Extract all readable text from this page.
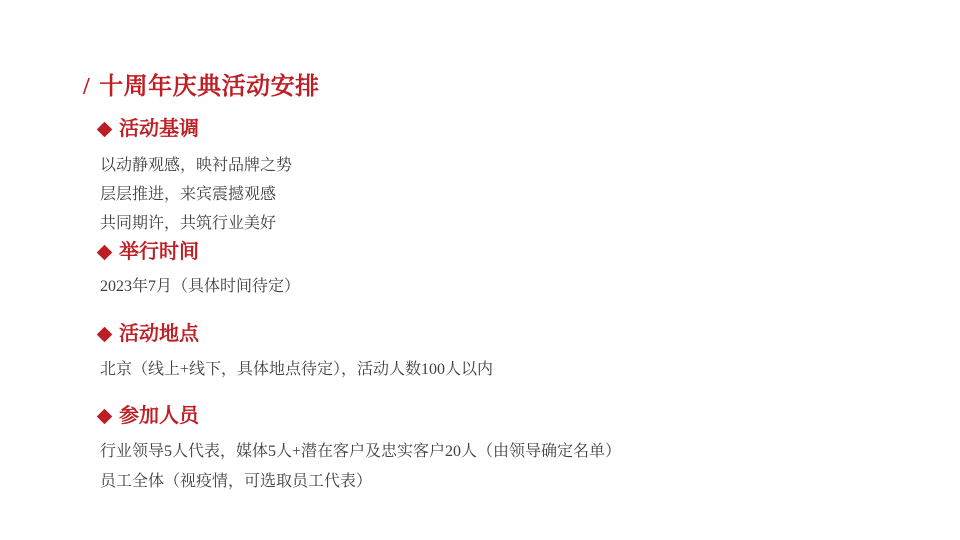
/ 十周年庆典活动安排
活动基调
以动静观感，映衬品牌之势
层层推进，来宾震撼观感
共同期许，共筑行业美好
举行时间
2023年7月（具体时间待定）
活动地点
北京（线上+线下，具体地点待定），活动人数100人以内
参加人员
行业领导5人代表，媒体5人+潜在客户及忠实客户20人（由领导确定名单）
员工全体（视疫情，可选取员工代表）
